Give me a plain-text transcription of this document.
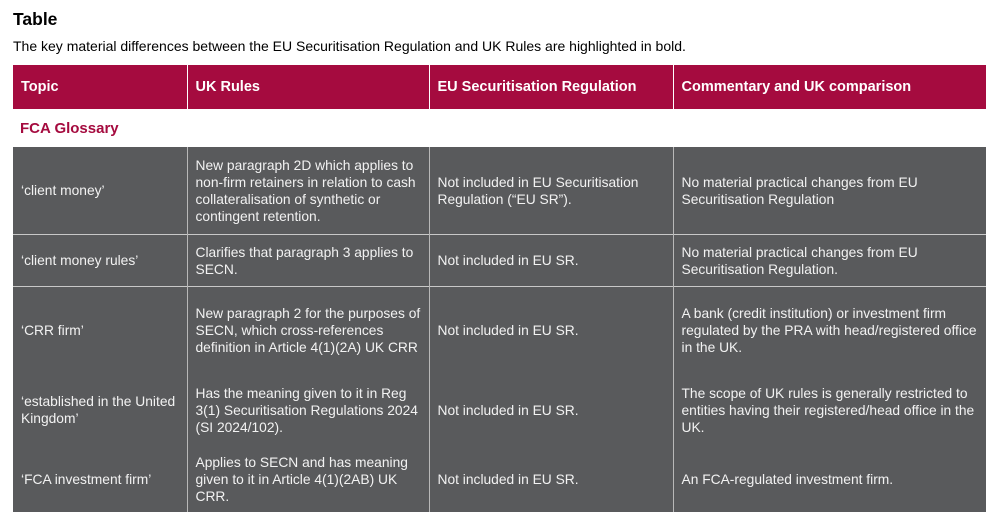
Table

The key material differences between the EU Securitisation Regulation and UK Rules are highlighted in bold.

Topic	UK Rules	EU Securitisation Regulation	Commentary and UK comparison
FCA Glossary			
‘client money’	New paragraph 2D which applies to non-firm retainers in relation to cash collateralisation of synthetic or contingent retention.	Not included in EU Securitisation Regulation (“EU SR”).	No material practical changes from EU Securitisation Regulation
‘client money rules’	Clarifies that paragraph 3 applies to SECN.	Not included in EU SR.	No material practical changes from EU Securitisation Regulation.
‘CRR firm’	New paragraph 2 for the purposes of SECN, which cross-references definition in Article 4(1)(2A) UK CRR	Not included in EU SR.	A bank (credit institution) or investment firm regulated by the PRA with head/registered office in the UK.
‘established in the United Kingdom’	Has the meaning given to it in Reg 3(1) Securitisation Regulations 2024 (SI 2024/102).	Not included in EU SR.	The scope of UK rules is generally restricted to entities having their registered/head office in the UK.
‘FCA investment firm’	Applies to SECN and has meaning given to it in Article 4(1)(2AB) UK CRR.	Not included in EU SR.	An FCA-regulated investment firm.
